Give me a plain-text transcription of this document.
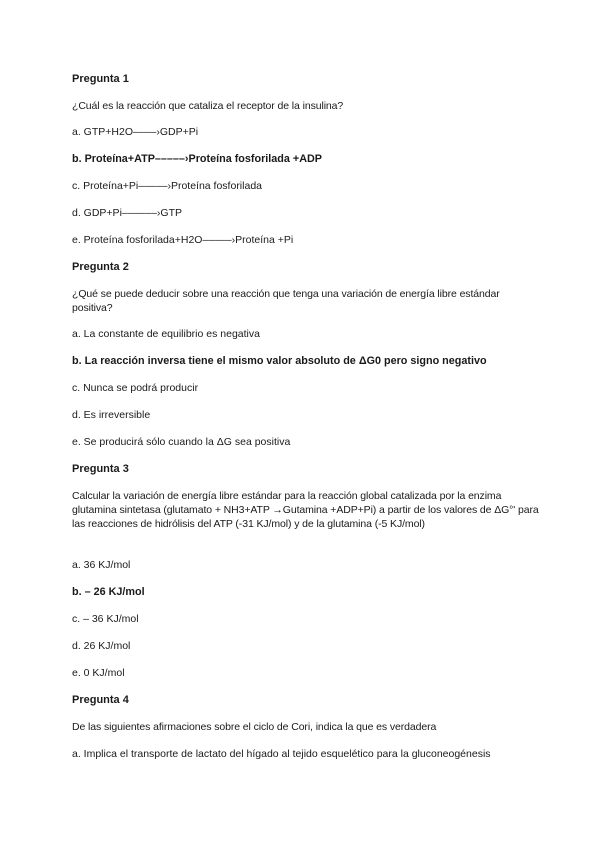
Pregunta 1

¿Cuál es la reacción que cataliza el receptor de la insulina?

a. GTP+H2O––––›GDP+Pi

b. Proteína+ATP–––––›Proteína fosforilada +ADP

c. Proteína+Pi–––––›Proteína fosforilada

d. GDP+Pi––––––›GTP

e. Proteína fosforilada+H2O–––––›Proteína +Pi

Pregunta 2

¿Qué se puede deducir sobre una reacción que tenga una variación de energía libre estándar positiva?

a. La constante de equilibrio es negativa

b. La reacción inversa tiene el mismo valor absoluto de ΔG0 pero signo negativo

c. Nunca se podrá producir

d. Es irreversible

e. Se producirá sólo cuando la ΔG sea positiva

Pregunta 3

Calcular la variación de energía libre estándar para la reacción global catalizada por la enzima glutamina sintetasa (glutamato + NH3+ATP →Gutamina +ADP+Pi) a partir de los valores de ΔG°' para las reacciones de hidrólisis del ATP (-31 KJ/mol) y de la glutamina (-5 KJ/mol)

a. 36 KJ/mol

b. – 26 KJ/mol

c. – 36 KJ/mol

d. 26 KJ/mol

e. 0 KJ/mol

Pregunta 4

De las siguientes afirmaciones sobre el ciclo de Cori, indica la que es verdadera

a. Implica el transporte de lactato del hígado al tejido esquelético para la gluconeogénesis
